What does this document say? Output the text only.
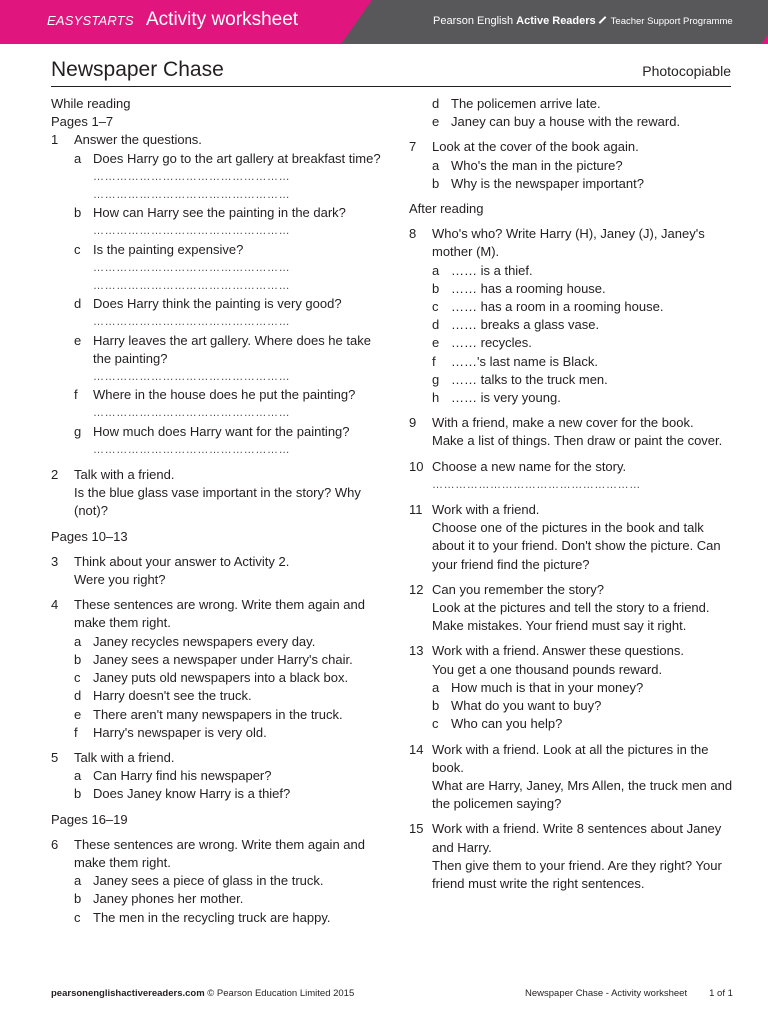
EASYSTARTS Activity worksheet	Pearson English Active Readers Teacher Support Programme
Newspaper Chase	Photocopiable
While reading
Pages 1–7
1 Answer the questions.
a Does Harry go to the art gallery at breakfast time?
……………………………………………
……………………………………………
b How can Harry see the painting in the dark?
……………………………………………
c Is the painting expensive?
……………………………………………
……………………………………………
d Does Harry think the painting is very good?
……………………………………………
e Harry leaves the art gallery. Where does he take the painting?
……………………………………………
f Where in the house does he put the painting?
……………………………………………
g How much does Harry want for the painting?
……………………………………………
2 Talk with a friend.
Is the blue glass vase important in the story? Why (not)?
Pages 10–13
3 Think about your answer to Activity 2.
Were you right?
4 These sentences are wrong. Write them again and make them right.
a Janey recycles newspapers every day.
b Janey sees a newspaper under Harry's chair.
c Janey puts old newspapers into a black box.
d Harry doesn't see the truck.
e There aren't many newspapers in the truck.
f Harry's newspaper is very old.
5 Talk with a friend.
a Can Harry find his newspaper?
b Does Janey know Harry is a thief?
Pages 16–19
6 These sentences are wrong. Write them again and make them right.
a Janey sees a piece of glass in the truck.
b Janey phones her mother.
c The men in the recycling truck are happy.
d The policemen arrive late.
e Janey can buy a house with the reward.
7 Look at the cover of the book again.
a Who's the man in the picture?
b Why is the newspaper important?
After reading
8 Who's who? Write Harry (H), Janey (J), Janey's mother (M).
a …… is a thief.
b …… has a rooming house.
c …… has a room in a rooming house.
d …… breaks a glass vase.
e …… recycles.
f ……'s last name is Black.
g …… talks to the truck men.
h …… is very young.
9 With a friend, make a new cover for the book.
Make a list of things. Then draw or paint the cover.
10 Choose a new name for the story.
………………………………………………
11 Work with a friend.
Choose one of the pictures in the book and talk about it to your friend. Don't show the picture. Can your friend find the picture?
12 Can you remember the story?
Look at the pictures and tell the story to a friend. Make mistakes. Your friend must say it right.
13 Work with a friend. Answer these questions.
You get a one thousand pounds reward.
a How much is that in your money?
b What do you want to buy?
c Who can you help?
14 Work with a friend. Look at all the pictures in the book.
What are Harry, Janey, Mrs Allen, the truck men and the policemen saying?
15 Work with a friend. Write 8 sentences about Janey and Harry.
Then give them to your friend. Are they right? Your friend must write the right sentences.
pearsonenglishactivereaders.com © Pearson Education Limited 2015	Newspaper Chase - Activity worksheet 1 of 1
